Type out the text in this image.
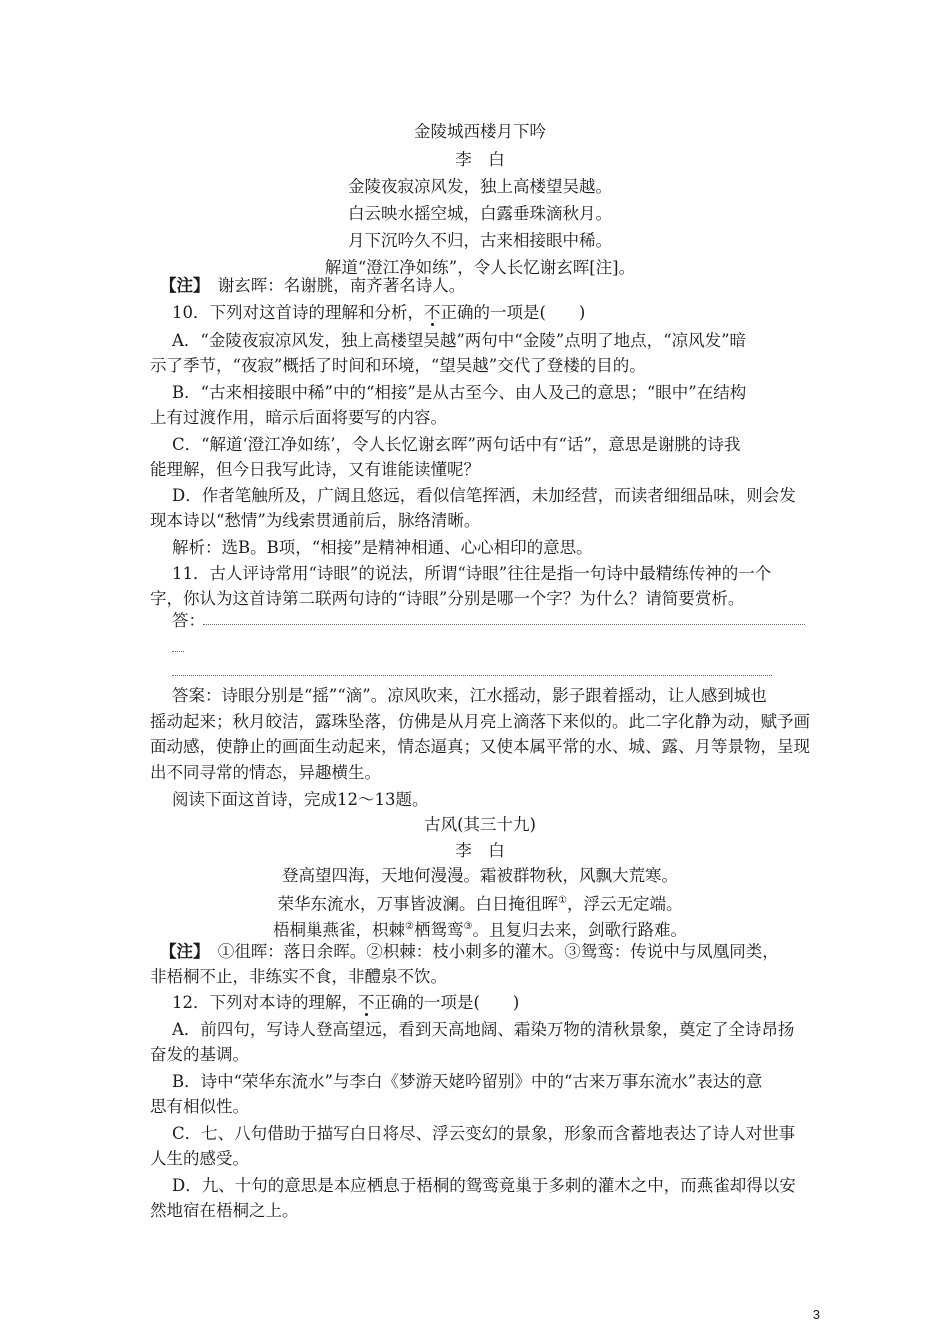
金陵城西楼月下吟
李　白
金陵夜寂凉风发，独上高楼望吴越。
白云映水摇空城，白露垂珠滴秋月。
月下沉吟久不归，古来相接眼中稀。
解道“澄江净如练”，令人长忆谢玄晖[注]。
【注】　谢玄晖：名谢朓，南齐著名诗人。
10．下列对这首诗的理解和分析，不正确的一项是(　　)
A．“金陵夜寂凉风发，独上高楼望吴越”两句中“金陵”点明了地点，“凉风发”暗
示了季节，“夜寂”概括了时间和环境，“望吴越”交代了登楼的目的。
B．“古来相接眼中稀”中的“相接”是从古至今、由人及己的意思；“眼中”在结构
上有过渡作用，暗示后面将要写的内容。
C．“解道‘澄江净如练’，令人长忆谢玄晖”两句话中有“话”，意思是谢朓的诗我
能理解，但今日我写此诗，又有谁能读懂呢？
D．作者笔触所及，广阔且悠远，看似信笔挥洒，未加经营，而读者细细品味，则会发
现本诗以“愁情”为线索贯通前后，脉络清晰。
解析：选B。B项，“相接”是精神相通、心心相印的意思。
11．古人评诗常用“诗眼”的说法，所谓“诗眼”往往是指一句诗中最精练传神的一个
字，你认为这首诗第二联两句诗的“诗眼”分别是哪一个字？为什么？请简要赏析。
答：
答案：诗眼分别是“摇”“滴”。凉风吹来，江水摇动，影子跟着摇动，让人感到城也
摇动起来；秋月皎洁，露珠坠落，仿佛是从月亮上滴落下来似的。此二字化静为动，赋予画
面动感，使静止的画面生动起来，情态逼真；又使本属平常的水、城、露、月等景物，呈现
出不同寻常的情态，异趣横生。
阅读下面这首诗，完成12～13题。
古风(其三十九)
李　白
登高望四海，天地何漫漫。霜被群物秋，风飘大荒寒。
荣华东流水，万事皆波澜。白日掩徂晖①，浮云无定端。
梧桐巢燕雀，枳棘②栖鸳鸾③。且复归去来，剑歌行路难。
【注】　①徂晖：落日余晖。②枳棘：枝小刺多的灌木。③鸳鸾：传说中与凤凰同类，
非梧桐不止，非练实不食，非醴泉不饮。
12．下列对本诗的理解，不正确的一项是(　　)
A．前四句，写诗人登高望远，看到天高地阔、霜染万物的清秋景象，奠定了全诗昂扬
奋发的基调。
B．诗中“荣华东流水”与李白《梦游天姥吟留别》中的“古来万事东流水”表达的意
思有相似性。
C．七、八句借助于描写白日将尽、浮云变幻的景象，形象而含蓄地表达了诗人对世事
人生的感受。
D．九、十句的意思是本应栖息于梧桐的鸳鸾竟巢于多刺的灌木之中，而燕雀却得以安
然地宿在梧桐之上。
3
